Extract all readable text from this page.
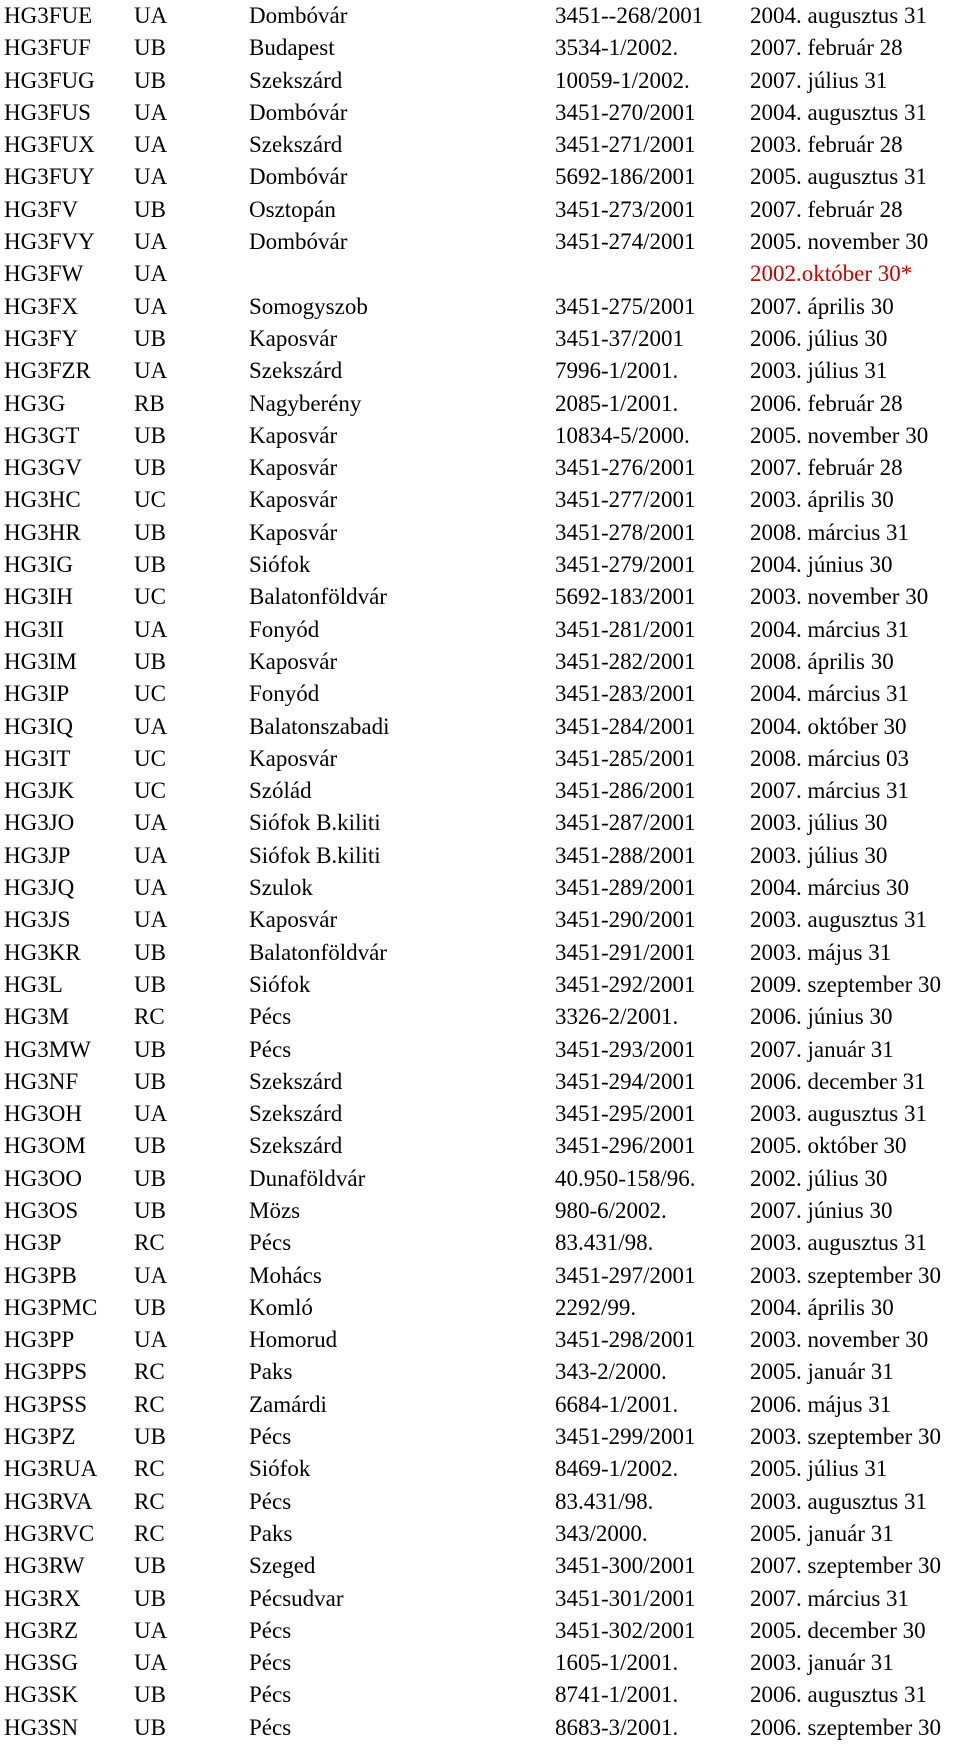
HG3FUE	UA	Dombóvár	3451--268/2001	2004. augusztus 31
HG3FUF	UB	Budapest	3534-1/2002.	2007. február 28
HG3FUG	UB	Szekszárd	10059-1/2002.	2007. július 31
HG3FUS	UA	Dombóvár	3451-270/2001	2004. augusztus 31
HG3FUX	UA	Szekszárd	3451-271/2001	2003. február 28
HG3FUY	UA	Dombóvár	5692-186/2001	2005. augusztus 31
HG3FV	UB	Osztopán	3451-273/2001	2007. február 28
HG3FVY	UA	Dombóvár	3451-274/2001	2005. november 30
HG3FW	UA			2002.október 30*
HG3FX	UA	Somogyszob	3451-275/2001	2007. április 30
HG3FY	UB	Kaposvár	3451-37/2001	2006. július 30
HG3FZR	UA	Szekszárd	7996-1/2001.	2003. július 31
HG3G	RB	Nagyberény	2085-1/2001.	2006. február 28
HG3GT	UB	Kaposvár	10834-5/2000.	2005. november 30
HG3GV	UB	Kaposvár	3451-276/2001	2007. február 28
HG3HC	UC	Kaposvár	3451-277/2001	2003. április 30
HG3HR	UB	Kaposvár	3451-278/2001	2008. március 31
HG3IG	UB	Siófok	3451-279/2001	2004. június 30
HG3IH	UC	Balatonföldvár	5692-183/2001	2003. november 30
HG3II	UA	Fonyód	3451-281/2001	2004. március 31
HG3IM	UB	Kaposvár	3451-282/2001	2008. április 30
HG3IP	UC	Fonyód	3451-283/2001	2004. március 31
HG3IQ	UA	Balatonszabadi	3451-284/2001	2004. október 30
HG3IT	UC	Kaposvár	3451-285/2001	2008. március 03
HG3JK	UC	Szólád	3451-286/2001	2007. március 31
HG3JO	UA	Siófok B.kiliti	3451-287/2001	2003. július 30
HG3JP	UA	Siófok B.kiliti	3451-288/2001	2003. július 30
HG3JQ	UA	Szulok	3451-289/2001	2004. március 30
HG3JS	UA	Kaposvár	3451-290/2001	2003. augusztus 31
HG3KR	UB	Balatonföldvár	3451-291/2001	2003. május 31
HG3L	UB	Siófok	3451-292/2001	2009. szeptember 30
HG3M	RC	Pécs	3326-2/2001.	2006. június 30
HG3MW	UB	Pécs	3451-293/2001	2007. január 31
HG3NF	UB	Szekszárd	3451-294/2001	2006. december 31
HG3OH	UA	Szekszárd	3451-295/2001	2003. augusztus 31
HG3OM	UB	Szekszárd	3451-296/2001	2005. október 30
HG3OO	UB	Dunaföldvár	40.950-158/96.	2002. július 30
HG3OS	UB	Mözs	980-6/2002.	2007. június 30
HG3P	RC	Pécs	83.431/98.	2003. augusztus 31
HG3PB	UA	Mohács	3451-297/2001	2003. szeptember 30
HG3PMC	UB	Komló	2292/99.	2004. április 30
HG3PP	UA	Homorud	3451-298/2001	2003. november 30
HG3PPS	RC	Paks	343-2/2000.	2005. január 31
HG3PSS	RC	Zamárdi	6684-1/2001.	2006. május 31
HG3PZ	UB	Pécs	3451-299/2001	2003. szeptember 30
HG3RUA	RC	Siófok	8469-1/2002.	2005. július 31
HG3RVA	RC	Pécs	83.431/98.	2003. augusztus 31
HG3RVC	RC	Paks	343/2000.	2005. január 31
HG3RW	UB	Szeged	3451-300/2001	2007. szeptember 30
HG3RX	UB	Pécsudvar	3451-301/2001	2007. március 31
HG3RZ	UA	Pécs	3451-302/2001	2005. december 30
HG3SG	UA	Pécs	1605-1/2001.	2003. január 31
HG3SK	UB	Pécs	8741-1/2001.	2006. augusztus 31
HG3SN	UB	Pécs	8683-3/2001.	2006. szeptember 30
